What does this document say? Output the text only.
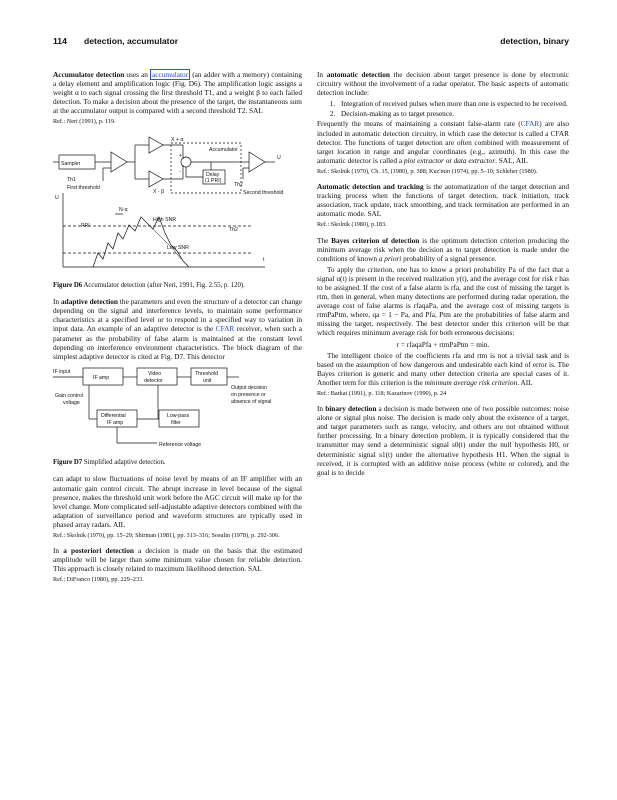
114 detection, accumulator	detection, binary

Accumulator detection uses an accumulator (an adder with a memory) containing a delay element and amplification logic (Fig. D6). The amplification logic assigns a weight α to each signal crossing the first threshold T1, and a weight β to each failed detection. To make a decision about the presence of the target, the instantaneous sum at the accumulator output is compared with a second threshold T2. SAL

Ref.: Neri (1991), p. 119.

Sampler
X + α
Accumulator
X - β
Delay
(1 PRI)
Th1
First threshold	Th2
Second threshold
U
N·α
PRI
High SNR
Low SNR
Th2
t
U
+
-

Figure D6 Accumulator detection (after Neri, 1991, Fig. 2.55, p. 120).

In adaptive detection the parameters and even the structure of a detector can change depending on the signal and interference levels, to maintain some performance characteristics at a specified level or to respond in a specified way to variation in input data. An example of an adaptive detector is the CFAR receiver, when such a parameter as the probability of false alarm is maintained at the constant level depending on interference environment characteristics. The block diagram of the simplest adaptive detector is cited at Fig. D7. This detector

IF input
IF amp
Video
detector
Threshold
unit
Output decision
on presence or
absence of signal
Gain control
voltage
Differential
IF amp
Low-pass
filter
Reference voltage

Figure D7 Simplified adaptive detection.

can adapt to slow fluctuations of noise level by means of an IF amplifier with an automatic gain control circuit. The abrupt increase in level because of the signal presence, makes the threshold unit work before the AGC circuit will make up for the level change. More complicated self-adjustable adaptive detectors combined with the adaptation of surveillance period and waveform structures are typically used in phased array radars. AIL

Ref.: Skolnik (1970), pp. 15–29; Shirman (1981), pp. 313–316; Sosulin (1978), p. 292-306.

In a posteriori detection a decision is made on the basis that the estimated amplitude will be larger than some minimum value chosen for reliable detection. This approach is closely related to maximum likelihood detection. SAL

Ref.: DiFranco (1980), pp. 229–233.

In automatic detection the decision about target presence is done by electronic circuitry without the involvement of a radar operator. The basic aspects of automatic detection include:

1. Integration of received pulses when more than one is expected to be received.
2. Decision-making as to target presence.

Frequently the means of maintaining a constant false-alarm rate (CFAR) are also included in automatic detection circuitry, in which case the detector is called a CFAR detector. The functions of target detection are often combined with measurement of target location in range and angular coordinates (e.g., azimuth). In this case the automatic detector is called a plot extractor or data extractor. SAL, AIL

Ref.: Skolnik (1970), Ch. 15, (1980), p. 388; Kuz'min (1974), pp. 5–10; Schleher (1980).

Automatic detection and tracking is the automatization of the target detection and tracking process when the functions of target detection, track initiation, track association, track update, track smoothing, and track termination are performed in an automatic mode. SAL

Ref.: Skolnik (1980), p.183.

The Bayes criterion of detection is the optimum detection criterion producing the minimum average risk when the decision as to target detection is made under the conditions of known a priori probability of a signal presence.

To apply the criterion, one has to know a priori probability Pa of the fact that a signal u(t) is present in the received realization y(t), and the average cost for risk r has to be assigned. If the cost of a false alarm is rfa, and the cost of missing the target is rtm, then in general, when many detections are performed during radar operation, the average cost of false alarms is rfaqaPa, and the average cost of missing targets is rtmPaPtm, where, qa = 1 − Pa, and Pfa, Ptm are the probabilities of false alarm and missing the target, respectively. The best detector under this criterion will be that which requires minimum average risk for both erroneous decisions:

r = rfaqaPfa + rtmPaPtm = min.

The intelligent choice of the coefficients rfa and rtm is not a trivial task and is based on the assumption of how dangerous and undesirable each kind of error is. The Bayes criterion is generic and many other detection criteria are special cases of it. Another term for this criterion is the minimum average risk criterion. AIL

Ref.: Barkat (1991), p. 118; Kazarinov (1990), p. 24

In binary detection a decision is made between one of two possible outcomes: noise alone or signal plus noise. The decision is made only about the existence of a target, and target parameters such as range, velocity, and others are not obtained without further processing. In a binary detection problem, it is typically considered that the transmitter may send a deterministic signal s0(t) under the null hypothesis H0, or deterministic signal s1(t) under the alternative hypothesis H1. When the signal is received, it is corrupted with an additive noise process (white or colored), and the goal is to decide
